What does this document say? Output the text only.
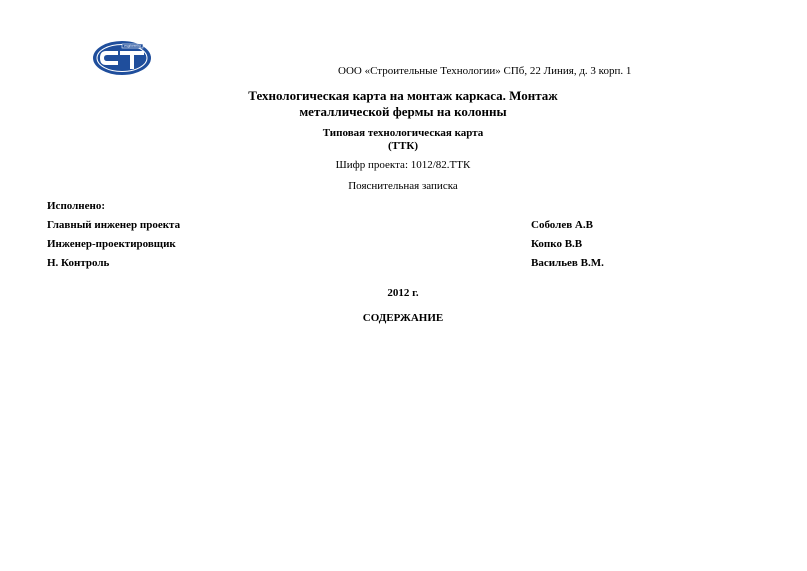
engineering
ООО «Строительные Технологии» СПб, 22 Линия, д. 3 корп. 1
Технологическая карта на монтаж каркаса. Монтаж
металлической фермы на колонны
Типовая технологическая карта
(ТТК)
Шифр проекта: 1012/82.ТТК
Пояснительная записка
Исполнено:
Главный инженер проекта	Соболев А.В
Инженер-проектировщик	Копко В.В
Н. Контроль	Васильев В.М.
2012 г.
СОДЕРЖАНИЕ
